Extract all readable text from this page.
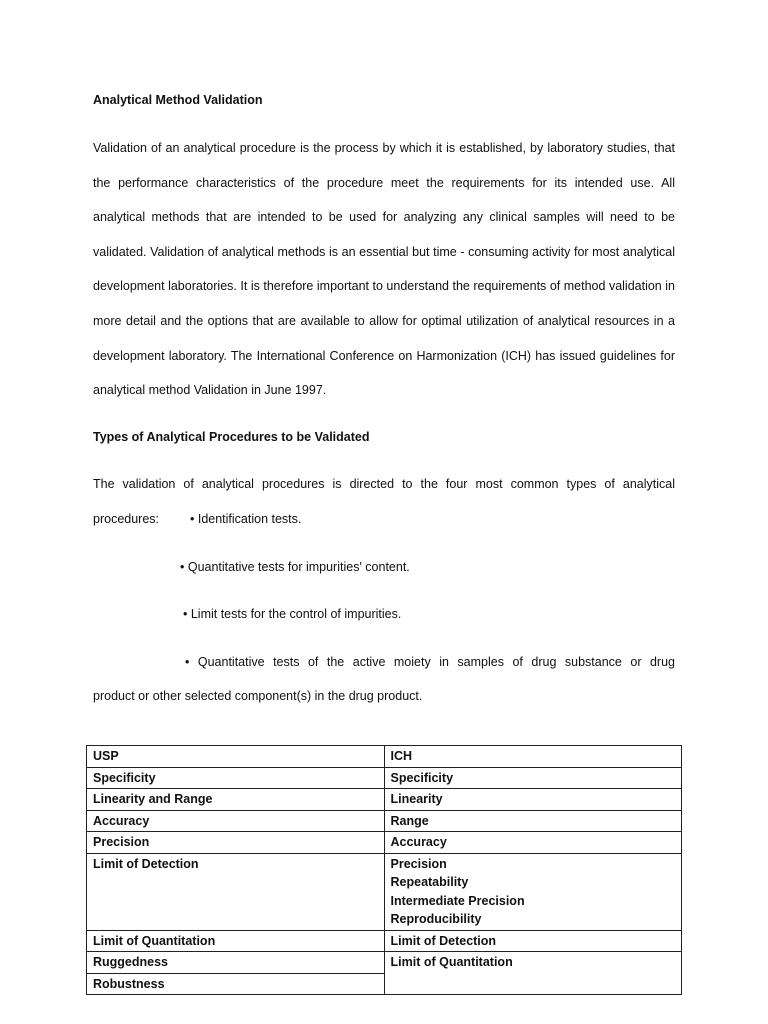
Analytical Method Validation
Validation of an analytical procedure is the process by which it is established, by laboratory studies, that the performance characteristics of the procedure meet the requirements for its intended use. All analytical methods that are intended to be used for analyzing any clinical samples will need to be validated. Validation of analytical methods is an essential but time - consuming activity for most analytical development laboratories. It is therefore important to understand the requirements of method validation in more detail and the options that are available to allow for optimal utilization of analytical resources in a development laboratory. The International Conference on Harmonization (ICH) has issued guidelines for analytical method Validation in June 1997.
Types of Analytical Procedures to be Validated
The validation of analytical procedures is directed to the four most common types of analytical
procedures: • Identification tests.
• Quantitative tests for impurities' content.
• Limit tests for the control of impurities.
• Quantitative tests of the active moiety in samples of drug substance or drug
product or other selected component(s) in the drug product.
USP	ICH

Specificity	Specificity

Linearity and Range	Linearity

Accuracy	Range

Precision	Accuracy

Limit of Detection	Precision
Repeatability
Intermediate Precision
Reproducibility

Limit of Quantitation	Limit of Detection

Ruggedness	Limit of Quantitation

Robustness	
